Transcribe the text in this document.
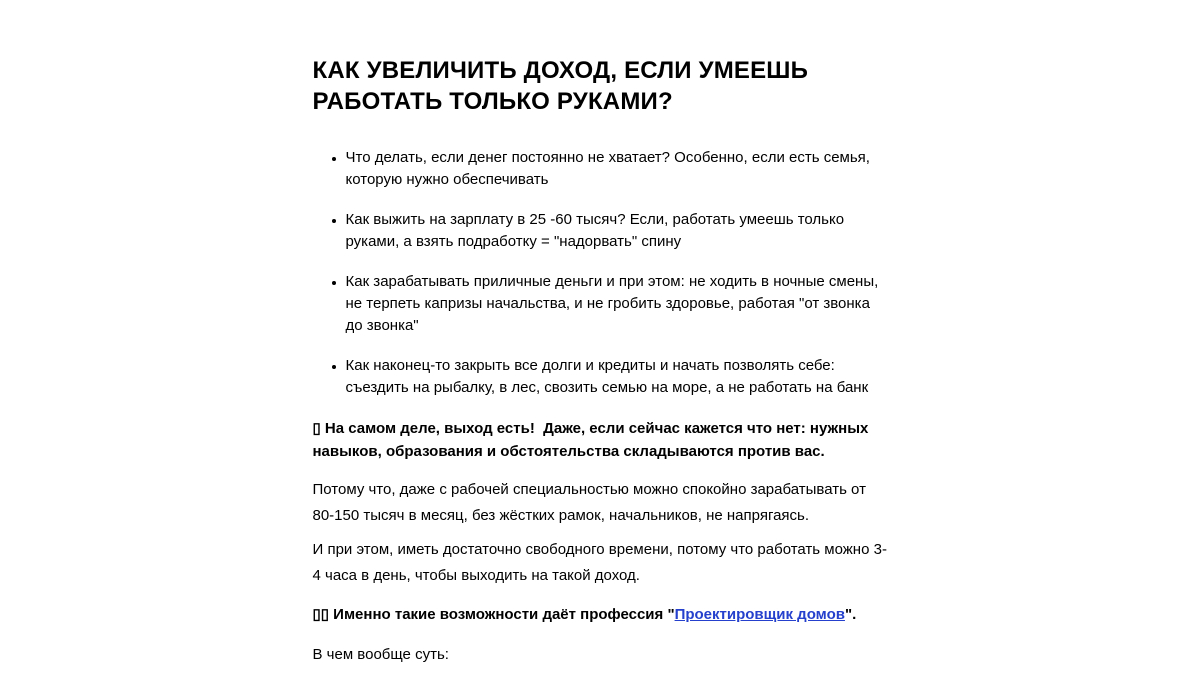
КАК УВЕЛИЧИТЬ ДОХОД, ЕСЛИ УМЕЕШЬ РАБОТАТЬ ТОЛЬКО РУКАМИ?
• Что делать, если денег постоянно не хватает? Особенно, если есть семья, которую нужно обеспечивать
• Как выжить на зарплату в 25 -60 тысяч? Если, работать умеешь только руками, а взять подработку = "надорвать" спину
• Как зарабатывать приличные деньги и при этом: не ходить в ночные смены, не терпеть капризы начальства, и не гробить здоровье, работая "от звонка до звонка"
• Как наконец-то закрыть все долги и кредиты и начать позволять себе: съездить на рыбалку, в лес, свозить семью на море, а не работать на банк

▯ На самом деле, выход есть!  Даже, если сейчас кажется что нет: нужных навыков, образования и обстоятельства складываются против вас.

Потому что, даже с рабочей специальностью можно спокойно зарабатывать от 80-150 тысяч в месяц, без жёстких рамок, начальников, не напрягаясь.

И при этом, иметь достаточно свободного времени, потому что работать можно 3-4 часа в день, чтобы выходить на такой доход.

▯▯ Именно такие возможности даёт профессия "Проектировщик домов".

В чем вообще суть:
